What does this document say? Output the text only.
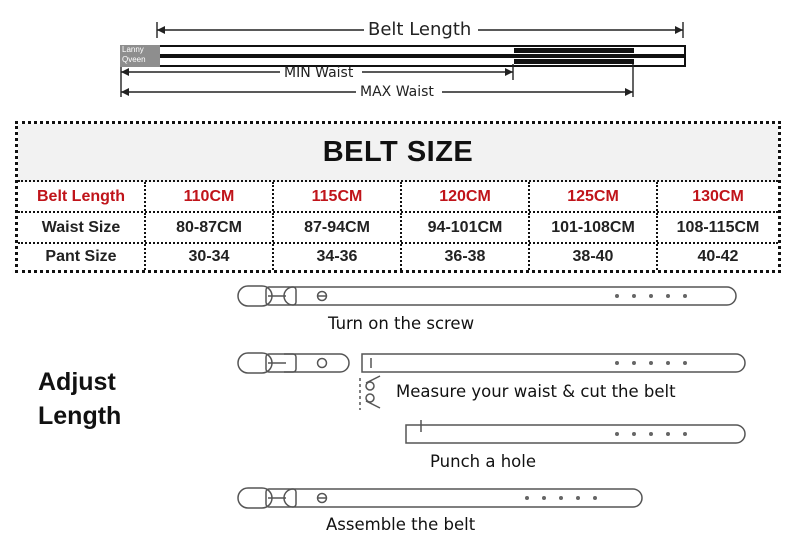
Lanny
Qveen
Belt Length
MIN Waist
MAX Waist
BELT SIZE
Belt Length	110CM	115CM	120CM	125CM	130CM
Waist Size	80-87CM	87-94CM	94-101CM	101-108CM	108-115CM
Pant Size	30-34	34-36	36-38	38-40	40-42
Adjust
Length
Turn on the screw
Measure your waist & cut the belt
Punch a hole
Assemble the belt
